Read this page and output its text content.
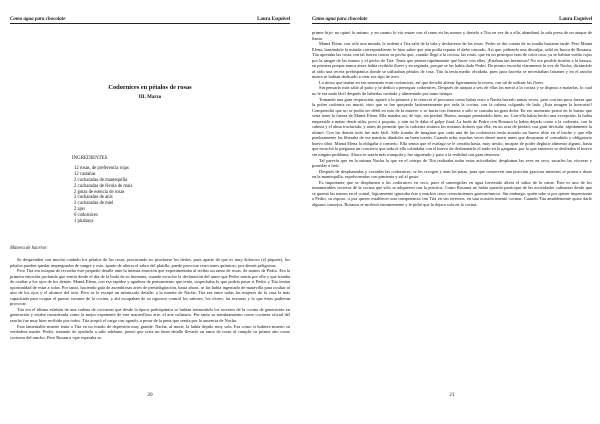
Como agua para chocolate	Laura Esquivel
Codornices en pétalos de rosas
III. Marzo
INGREDIENTES
12 rosas, de preferencia rojas
12 castañas
2 cucharadas de mantequilla
2 cucharadas de fécula de maíz
2 gotas de esencia de rosas
2 cucharadas de anís
2 cucharadas de miel
2 ajos
6 codornices
1 pitahaya
Manera de hacerse:

Se desprenden con mucho cuidado los pétalos de las rosas, procurando no pincharse los dedos, pues aparte de que es muy doloroso (el piquete), los pétalos pueden quedar impregnados de sangre y esto, aparte de alterar el sabor del platillo, puede provocar reacciones químicas, por demás peligrosas.

Pero Tita era incapaz de recordar este pequeño detalle ante la intensa emoción que experimentaba al recibir un ramo de rosas, de manos de Pedro. Era la primera emoción profunda que sentía desde el día de la boda de su hermana, cuando escuchó la declaración del amor que Pedro sentía por ella y que trataba de ocultar a los ojos de los demás. Mamá Elena, con esa rapidez y agudeza de pensamiento que tenía, sospechaba lo que podría pasar si Pedro y Tita tenían oportunidad de estar a solas. Por tanto, haciendo gala de asombrosas artes de prestidigitación, hasta ahora, se las había ingeniado de maravilla para ocultar al uno de los ojos y el alcance del otro. Pero se le escapó un minúsculo detalle: a la muerte de Nacha, Tita era entre todas las mujeres de la casa la más capacitada para ocupar el puesto vacante de la cocina, y ahí escapaban de su riguroso control los sabores, los olores, las texturas y lo que éstas pudieran provocar.

Tita era el último eslabón de una cadena de cocineras que desde la época prehispánica se habían transmitido los secretos de la cocina de generación en generación y estaba considerada como la mejor exponente de este maravilloso arte, el arte culinario. Por tanto su nombramiento como cocinera oficial del rancho fue muy bien recibido por todos. Tita aceptó el cargo con agrado, a pesar de la pena que sentía por la ausencia de Nacha.

Esta lamentable muerte tenía a Tita en un estado de depresión muy grande. Nacha, al morir, la había dejado muy sola. Era como si hubiera muerto su verdadera madre. Pedro, tratando de ayudarla a salir adelante, pensó que sería un buen detalle llevarle un ramo de rosas al cumplir su primer año como cocinera del rancho. Pero Rosaura -que esperaba su

20
Como agua para chocolate	Laura Esquivel

primer hijo- no opinó lo mismo, y en cuanto lo vio entrar con el ramo en las manos y darselo a Tita en vez de a ella, abandonó la sala presa de un ataque de llanto.

Mamá Elena, con sólo una mirada, le ordenó a Tita salir de la sala y deshacerse de las rosas. Pedro se dio cuenta de su osadía bastante tarde. Pero Mamá Elena, lanzándole la mirada correspondiente, le hizo saber que aún podía reparar el daño causado. Así que, pidiendo una disculpa, salió en busca de Rosaura. Tita apretaba las rosas con tal fuerza contra su pecho que, cuando llegó a la cocina, las rosas, que en un principio eran de color rosa, ya se habían vuelto rojas por la sangre de las manos y el pecho de Tita. Tenía que pensar rápidamente qué hacer con ellas. ¡Estaban tan hermosas! No era posible tirarlas a la basura, en primera porque nunca antes había recibido flores y en segunda, porque se las había dado Pedro. De pronto escuchó claramente la voz de Nacha, dictándole al oído una receta prehispánica donde se utilizaban pétalos de rosa. Tita la tenía medio olvidada, pues para hacerla se necesitaban faisanes y en el rancho nunca se habían dedicado a criar ese tipo de aves.

Lo único que tenían en ese momento eran codornices, así que decidió alterar ligeramente la receta, con tal de utilizar las flores.

Sin pensarlo más salió al patio y se dedicó a perseguir codornices. Después de atrapar a seis de ellas las metió a la cocina y se dispuso a matarlas, lo cual no le era nada fácil después de haberlas cuidado y alimentado por tanto tiempo.

Tomando una gran respiración, agarró a la primera y le retorció el pescuezo como había visto a Nacha hacerlo tantas veces, pero con tan poca fuerza que la pobre codorniz no murió, sino que se fue quejando lastimeramente por toda la cocina, con la cabeza colgando de lado. ¡Esta imagen la horrorizó! Comprendió que no se podía ser débil en esto de la muerte: o se hacía con firmeza o sólo se causaba un gran dolor. En ese momento pensó en lo bueno que sería tener la fuerza de Mamá Elena. Ella mataba así, de tajo, sin piedad. Bueno, aunque pensándolo bien, no. Con ella había hecho una excepción, la había empezado a matar desde niña, poco a poquito, y aún no le daba el golpe final. La boda de Pedro con Rosaura la había dejado como a la codorniz, con la cabeza y el alma fracturada, y antes de permitir que la codorniz sintiera los mismos dolores que ella, en un acto de piedad, con gran decisión, rápidamente la ultimó. Con las demás todo fue más fácil. Sólo trataba de imaginar que cada una de las codornices tenía atorado un huevo tibio en el buche y que ella piadosamente las liberaba de ese martirio dándoles un buen torzón. Cuando niña, muchas veces deseó morir antes que desayunar el consabido y obligatorio huevo tibio. Mamá Elena la obligaba a comerlo. Ella sentía que el esófago se le cerraba hasta, muy tiesito, incapaz de poder deglutir alimento alguno, hasta que escuchó la pregunta un concierto que toda el ella colindaba con el huevo de desbaratarlo el nudo en la garganta, por lo que entonces se deslizaba el huevo sin ningún problema. Ahora se sentía más tranquila y fue siguiendo y paso a la realidad con gran destreza.

Tal parecía que en la misma Nacha la que en el cuerpo de Tita realizaba todas estas actividades: desplumar las aves en seco, sacarles las vísceras y ponerlas a freír.

Después de desplumadas y vaciadas las codornices, se les recogen y atan las patas, para que conserven una posición graciosa mientras se ponen a dorar en la mantequilla, espolvoreadas con pimienta y sal al gusto.

Es importante que se desplumen a las codornices en seco, pues el sumergirlas en agua hirviendo altera el sabor de la carne. Éste es uno de los innumerables secretos de la cocina que sólo se adquieren con la práctica. Como Rosaura no había querido participar de las actividades culinarias desde que se quemó las manos en el comal, lógicamente ignoraba éste y muchos otros conocimientos gastronómicos. Sin embargo, quién sabe si por querer impresionar a Pedro, su esposo, o por querer establecer una competencia con Tita en sus terrenos, en una ocasión intentó cocinar. Cuando Tita amablemente quiso darle algunos consejos, Rosaura se molestó enormemente y le pidió que la dejara sola en la cocina.

21
